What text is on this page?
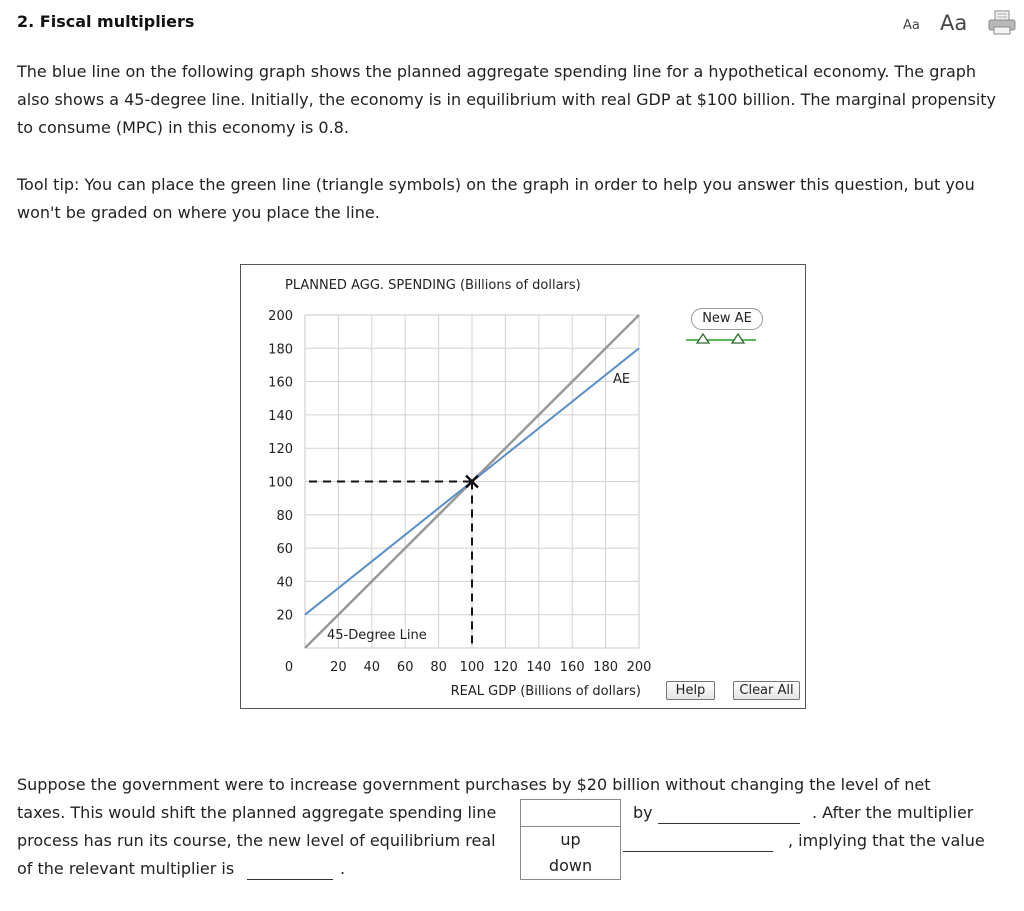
2. Fiscal multipliers	Aa Aa
The blue line on the following graph shows the planned aggregate spending line for a hypothetical economy. The graph also shows a 45-degree line. Initially, the economy is in equilibrium with real GDP at $100 billion. The marginal propensity to consume (MPC) in this economy is 0.8.
Tool tip: You can place the green line (triangle symbols) on the graph in order to help you answer this question, but you won't be graded on where you place the line.
PLANNED AGG. SPENDING (Billions of dollars)
200
180
160
140
120
100
80
60
40
20
20 40 60 80 100 120 140 160 180 200
0
REAL GDP (Billions of dollars)
AE
45-Degree Line
New AE
Help	Clear All
Suppose the government were to increase government purchases by $20 billion without changing the level of net
taxes. This would shift the planned aggregate spending line
up
down
by	. After the multiplier
process has run its course, the new level of equilibrium real	, implying that the value
of the relevant multiplier is	.
